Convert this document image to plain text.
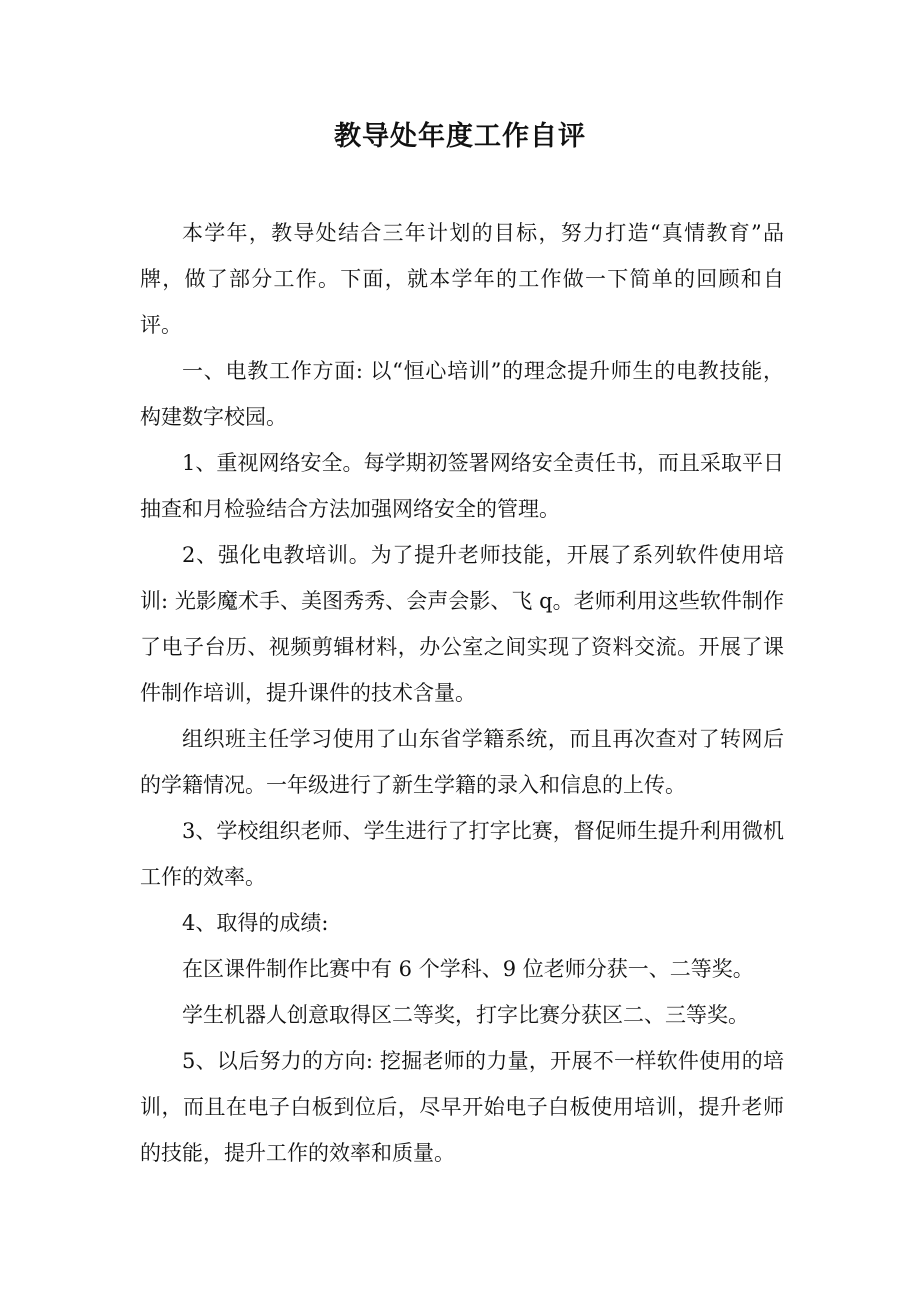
教导处年度工作自评

本学年，教导处结合三年计划的目标，努力打造“真情教育”品牌，做了部分工作。下面，就本学年的工作做一下简单的回顾和自评。

一、电教工作方面: 以“恒心培训”的理念提升师生的电教技能，构建数字校园。

1、重视网络安全。每学期初签署网络安全责任书，而且采取平日抽查和月检验结合方法加强网络安全的管理。

2、强化电教培训。为了提升老师技能，开展了系列软件使用培训: 光影魔术手、美图秀秀、会声会影、飞 q。老师利用这些软件制作了电子台历、视频剪辑材料，办公室之间实现了资料交流。开展了课件制作培训，提升课件的技术含量。

组织班主任学习使用了山东省学籍系统，而且再次查对了转网后的学籍情况。一年级进行了新生学籍的录入和信息的上传。

3、学校组织老师、学生进行了打字比赛，督促师生提升利用微机工作的效率。

4、取得的成绩:

在区课件制作比赛中有 6 个学科、9 位老师分获一、二等奖。

学生机器人创意取得区二等奖，打字比赛分获区二、三等奖。

5、以后努力的方向: 挖掘老师的力量，开展不一样软件使用的培训，而且在电子白板到位后，尽早开始电子白板使用培训，提升老师的技能，提升工作的效率和质量。
